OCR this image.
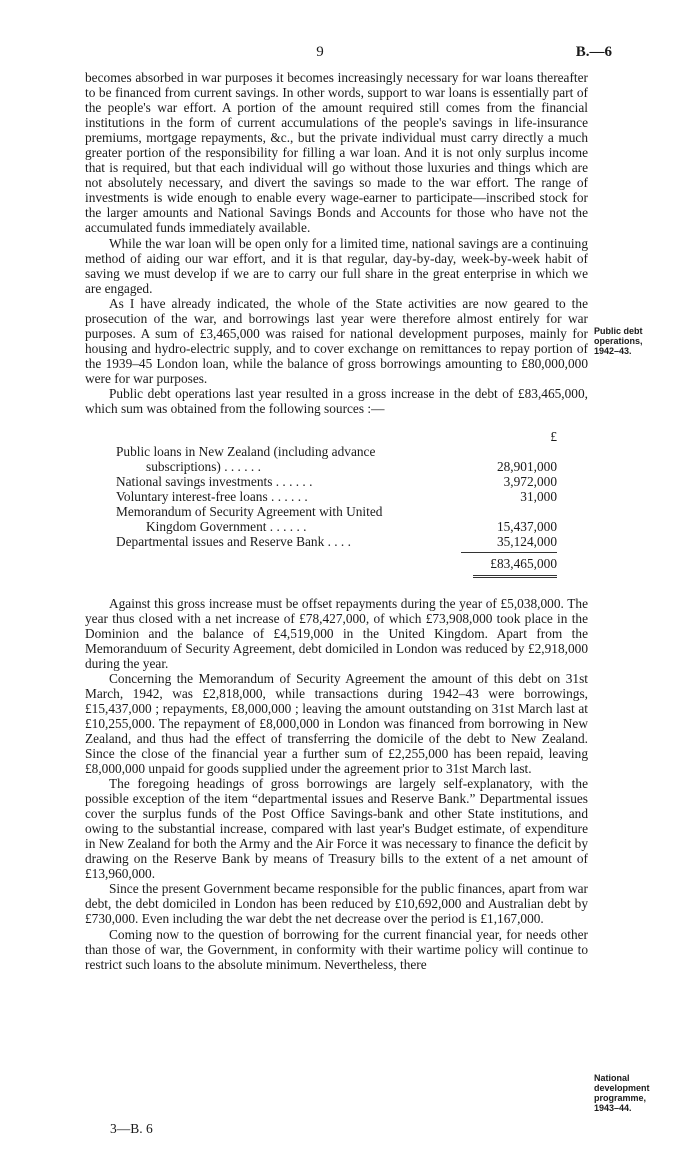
9	B.—6

becomes absorbed in war purposes it becomes increasingly necessary for war loans thereafter to be financed from current savings. In other words, support to war loans is essentially part of the people's war effort. A portion of the amount required still comes from the financial institutions in the form of current accumulations of the people's savings in life-insurance premiums, mortgage repayments, &c., but the private individual must carry directly a much greater portion of the responsibility for filling a war loan. And it is not only surplus income that is required, but that each individual will go without those luxuries and things which are not absolutely necessary, and divert the savings so made to the war effort. The range of investments is wide enough to enable every wage-earner to participate—inscribed stock for the larger amounts and National Savings Bonds and Accounts for those who have not the accumulated funds immediately available.

While the war loan will be open only for a limited time, national savings are a continuing method of aiding our war effort, and it is that regular, day-by-day, week-by-week habit of saving we must develop if we are to carry our full share in the great enterprise in which we are engaged.

As I have already indicated, the whole of the State activities are now geared to the prosecution of the war, and borrowings last year were therefore almost entirely for war purposes. A sum of £3,465,000 was raised for national development purposes, mainly for housing and hydro-electric supply, and to cover exchange on remittances to repay portion of the 1939–45 London loan, while the balance of gross borrowings amounting to £80,000,000 were for war purposes.

Public debt operations last year resulted in a gross increase in the debt of £83,465,000, which sum was obtained from the following sources :—

£
Public loans in New Zealand (including advance
subscriptions) . . . . . .	28,901,000
National savings investments . . . . . .	3,972,000
Voluntary interest-free loans . . . . . .	31,000
Memorandum of Security Agreement with United
Kingdom Government . . . . . .	15,437,000
Departmental issues and Reserve Bank . . . .	35,124,000
£83,465,000

Against this gross increase must be offset repayments during the year of £5,038,000. The year thus closed with a net increase of £78,427,000, of which £73,908,000 took place in the Dominion and the balance of £4,519,000 in the United Kingdom. Apart from the Memoranduum of Security Agreement, debt domiciled in London was reduced by £2,918,000 during the year.

Concerning the Memorandum of Security Agreement the amount of this debt on 31st March, 1942, was £2,818,000, while transactions during 1942–43 were borrowings, £15,437,000 ; repayments, £8,000,000 ; leaving the amount outstanding on 31st March last at £10,255,000. The repayment of £8,000,000 in London was financed from borrowing in New Zealand, and thus had the effect of transferring the domicile of the debt to New Zealand. Since the close of the financial year a further sum of £2,255,000 has been repaid, leaving £8,000,000 unpaid for goods supplied under the agreement prior to 31st March last.

The foregoing headings of gross borrowings are largely self-explanatory, with the possible exception of the item “departmental issues and Reserve Bank.” Departmental issues cover the surplus funds of the Post Office Savings-bank and other State institutions, and owing to the substantial increase, compared with last year's Budget estimate, of expenditure in New Zealand for both the Army and the Air Force it was necessary to finance the deficit by drawing on the Reserve Bank by means of Treasury bills to the extent of a net amount of £13,960,000.

Since the present Government became responsible for the public finances, apart from war debt, the debt domiciled in London has been reduced by £10,692,000 and Australian debt by £730,000. Even including the war debt the net decrease over the period is £1,167,000.

Coming now to the question of borrowing for the current financial year, for needs other than those of war, the Government, in conformity with their wartime policy will continue to restrict such loans to the absolute minimum. Nevertheless, there

Public debt operations, 1942–43.
National development programme, 1943–44.
3—B. 6
